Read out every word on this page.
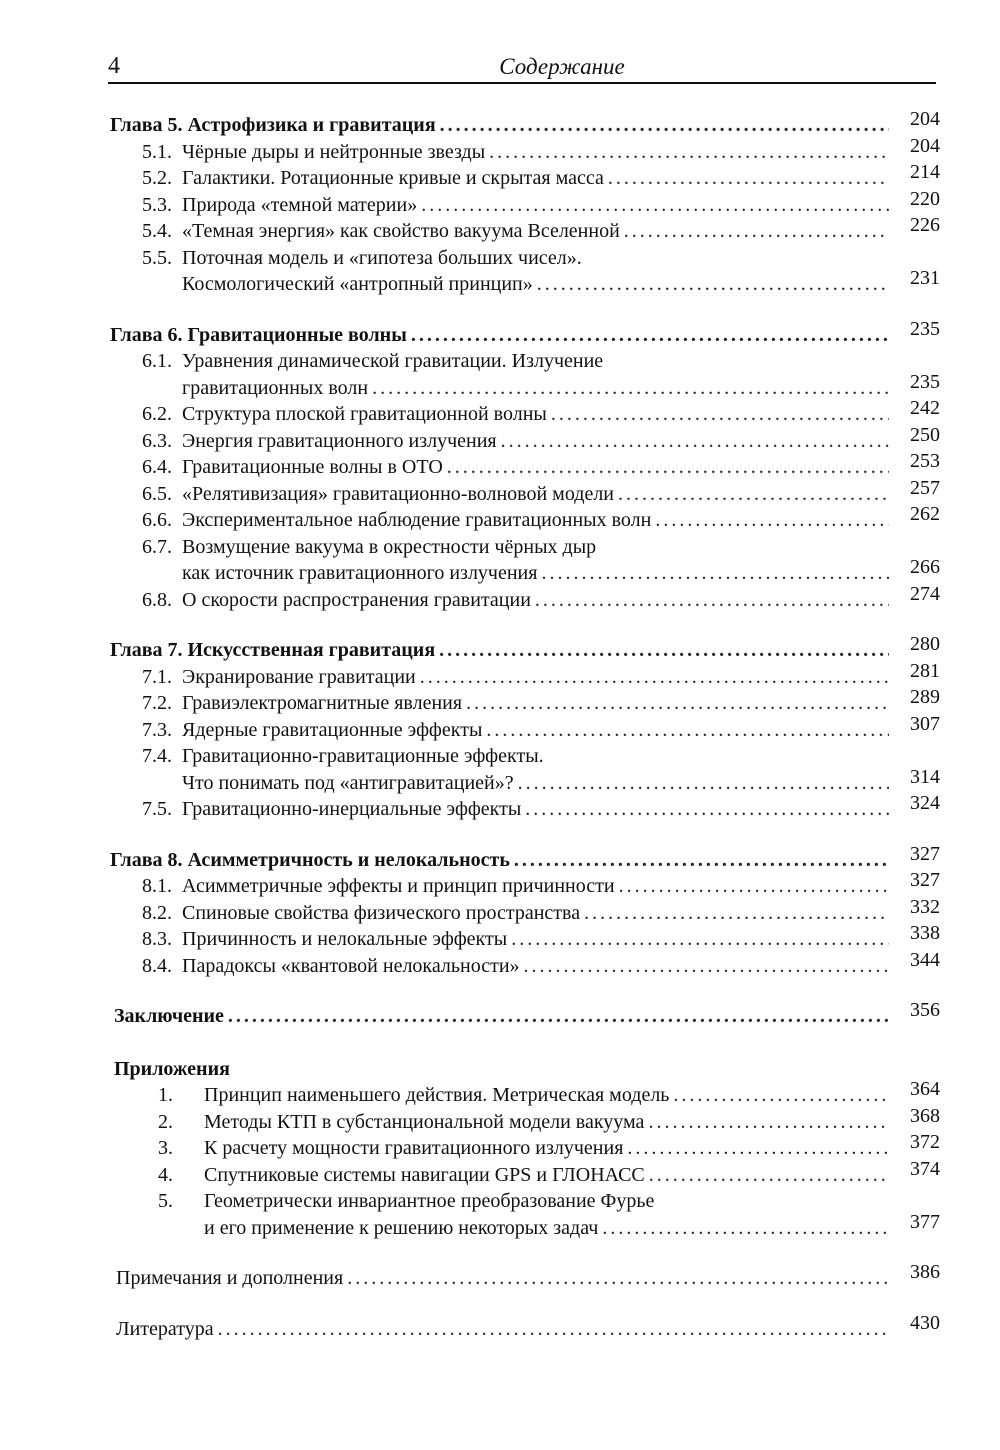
4	Содержание
Глава 5. Астрофизика и гравитация .....	204
5.1. Чёрные дыры и нейтронные звезды .....	204
5.2. Галактики. Ротационные кривые и скрытая масса .....	214
5.3. Природа «темной материи» .....	220
5.4. «Темная энергия» как свойство вакуума Вселенной .....	226
5.5. Поточная модель и «гипотеза больших чисел».
Космологический «антропный принцип» .....	231
Глава 6. Гравитационные волны .....	235
6.1. Уравнения динамической гравитации. Излучение
гравитационных волн .....	235
6.2. Структура плоской гравитационной волны .....	242
6.3. Энергия гравитационного излучения .....	250
6.4. Гравитационные волны в ОТО .....	253
6.5. «Релятивизация» гравитационно-волновой модели .....	257
6.6. Экспериментальное наблюдение гравитационных волн .....	262
6.7. Возмущение вакуума в окрестности чёрных дыр
как источник гравитационного излучения .....	266
6.8. О скорости распространения гравитации .....	274
Глава 7. Искусственная гравитация .....	280
7.1. Экранирование гравитации .....	281
7.2. Гравиэлектромагнитные явления .....	289
7.3. Ядерные гравитационные эффекты .....	307
7.4. Гравитационно-гравитационные эффекты.
Что понимать под «антигравитацией»? .....	314
7.5. Гравитационно-инерциальные эффекты .....	324
Глава 8. Асимметричность и нелокальность .....	327
8.1. Асимметричные эффекты и принцип причинности .....	327
8.2. Спиновые свойства физического пространства .....	332
8.3. Причинность и нелокальные эффекты .....	338
8.4. Парадоксы «квантовой нелокальности» .....	344
Заключение .....	356
Приложения
1. Принцип наименьшего действия. Метрическая модель .....	364
2. Методы КТП в субстанциональной модели вакуума .....	368
3. К расчету мощности гравитационного излучения .....	372
4. Спутниковые системы навигации GPS и ГЛОНАСС .....	374
5. Геометрически инвариантное преобразование Фурье
и его применение к решению некоторых задач .....	377
Примечания и дополнения .....	386
Литература .....	430
